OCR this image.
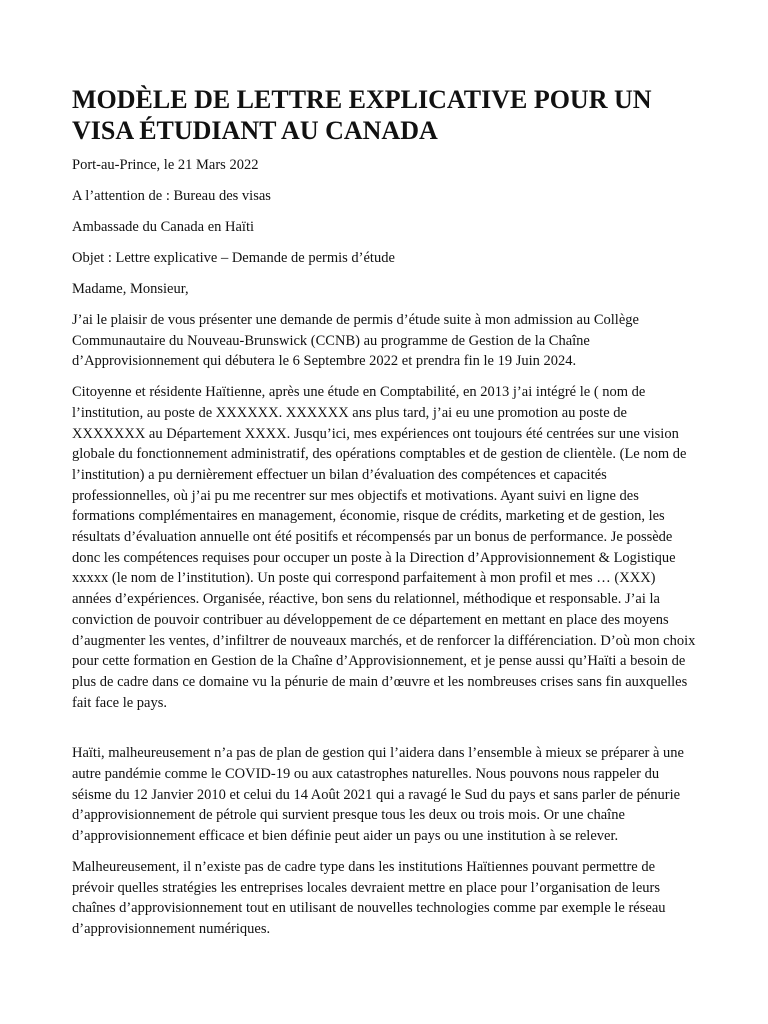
MODÈLE DE LETTRE EXPLICATIVE POUR UN VISA ÉTUDIANT AU CANADA
Port-au-Prince, le 21 Mars 2022
A l’attention de : Bureau des visas
Ambassade du Canada en Haïti
Objet : Lettre explicative – Demande de permis d’étude
Madame, Monsieur,

J’ai le plaisir de vous présenter une demande de permis d’étude suite à mon admission au Collège Communautaire du Nouveau-Brunswick (CCNB) au programme de Gestion de la Chaîne d’Approvisionnement qui débutera le 6 Septembre 2022 et prendra fin le 19 Juin 2024.

Citoyenne et résidente Haïtienne, après une étude en Comptabilité, en 2013 j’ai intégré le ( nom de l’institution, au poste de XXXXXX. XXXXXX ans plus tard, j’ai eu une promotion au poste de XXXXXXX au Département XXXX. Jusqu’ici, mes expériences ont toujours été centrées sur une vision globale du fonctionnement administratif, des opérations comptables et de gestion de clientèle. (Le nom de l’institution) a pu dernièrement effectuer un bilan d’évaluation des compétences et capacités professionnelles, où j’ai pu me recentrer sur mes objectifs et motivations. Ayant suivi en ligne des formations complémentaires en management, économie, risque de crédits, marketing et de gestion, les résultats d’évaluation annuelle ont été positifs et récompensés par un bonus de performance. Je possède donc les compétences requises pour occuper un poste à la Direction d’Approvisionnement & Logistique xxxxx (le nom de l’institution). Un poste qui correspond parfaitement à mon profil et mes … (XXX) années d’expériences. Organisée, réactive, bon sens du relationnel, méthodique et responsable. J’ai la conviction de pouvoir contribuer au développement de ce département en mettant en place des moyens d’augmenter les ventes, d’infiltrer de nouveaux marchés, et de renforcer la différenciation. D’où mon choix pour cette formation en Gestion de la Chaîne d’Approvisionnement, et je pense aussi qu’Haïti a besoin de plus de cadre dans ce domaine vu la pénurie de main d’œuvre et les nombreuses crises sans fin auxquelles fait face le pays.

Haïti, malheureusement n’a pas de plan de gestion qui l’aidera dans l’ensemble à mieux se préparer à une autre pandémie comme le COVID-19 ou aux catastrophes naturelles. Nous pouvons nous rappeler du séisme du 12 Janvier 2010 et celui du 14 Août 2021 qui a ravagé le Sud du pays et sans parler de pénurie d’approvisionnement de pétrole qui survient presque tous les deux ou trois mois. Or une chaîne d’approvisionnement efficace et bien définie peut aider un pays ou une institution à se relever.

Malheureusement, il n’existe pas de cadre type dans les institutions Haïtiennes pouvant permettre de prévoir quelles stratégies les entreprises locales devraient mettre en place pour l’organisation de leurs chaînes d’approvisionnement tout en utilisant de nouvelles technologies comme par exemple le réseau d’approvisionnement numériques.
